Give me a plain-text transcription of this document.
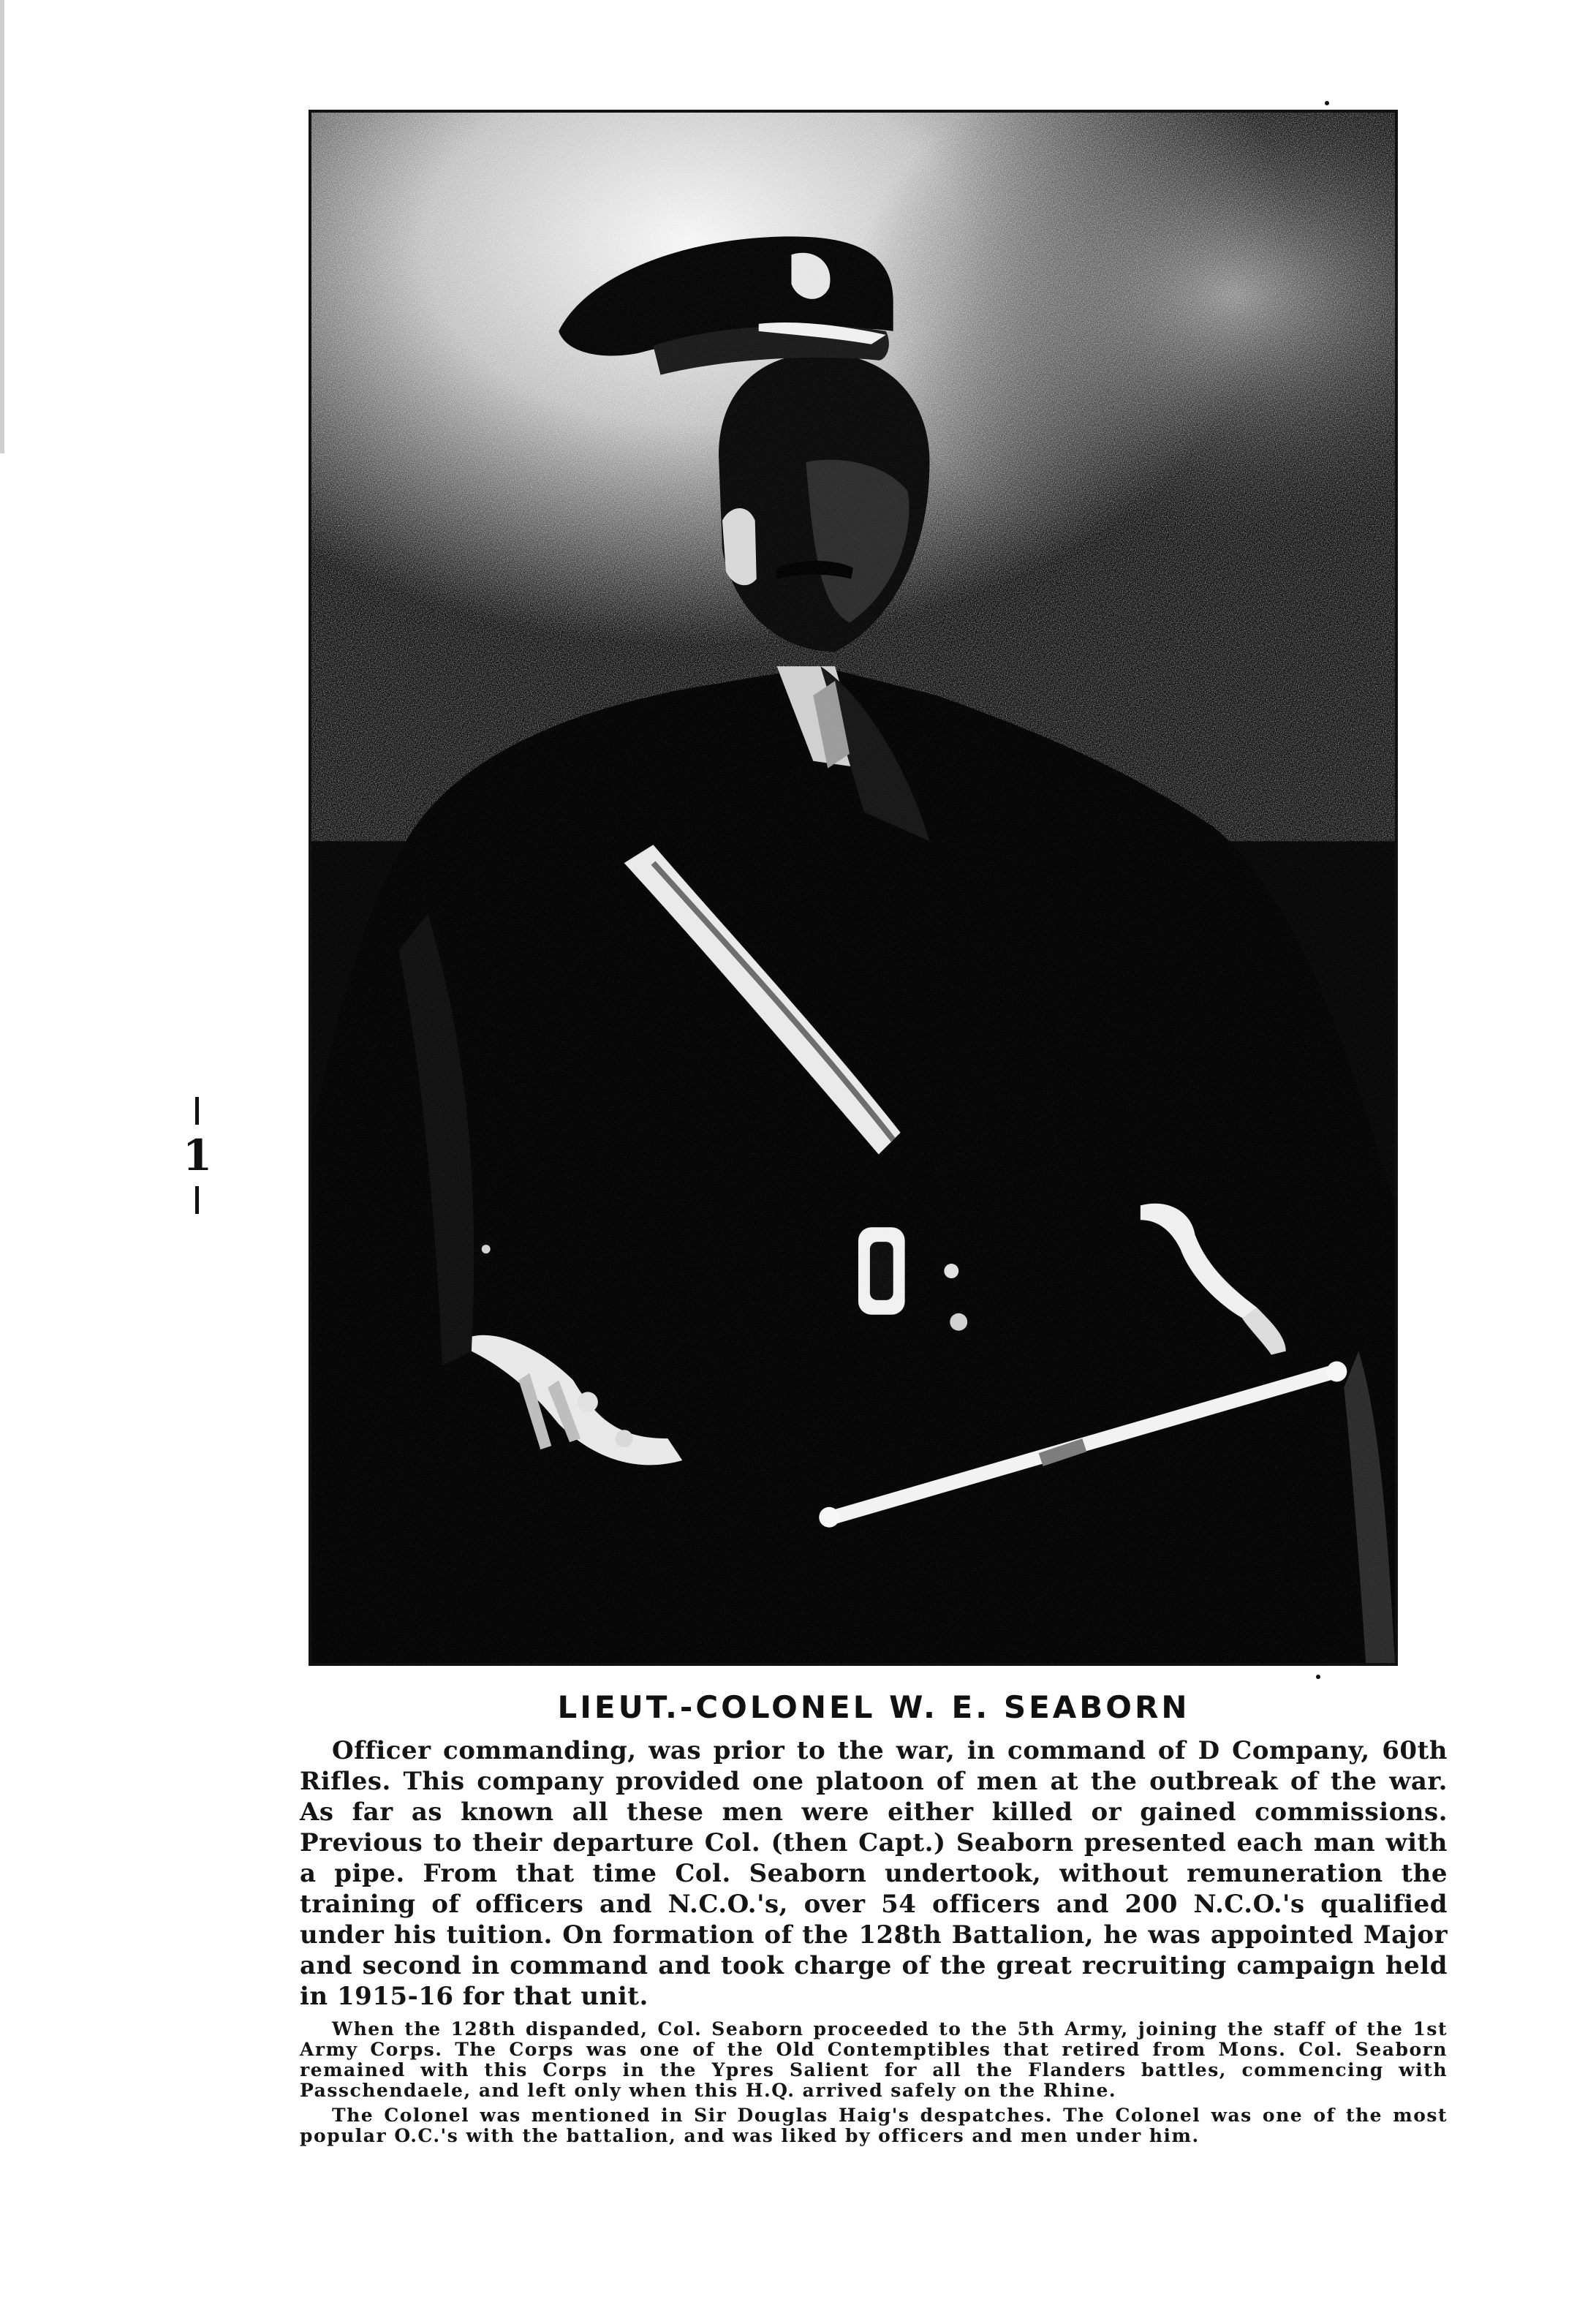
1
LIEUT.-COLONEL W. E. SEABORN

Officer commanding, was prior to the war, in command of D Company, 60th Rifles. This company provided one platoon of men at the outbreak of the war. As far as known all these men were either killed or gained commissions. Previous to their departure Col. (then Capt.) Seaborn presented each man with a pipe. From that time Col. Seaborn undertook, without remuneration the training of officers and N.C.O.'s, over 54 officers and 200 N.C.O.'s qualified under his tuition. On formation of the 128th Battalion, he was appointed Major and second in command and took charge of the great recruiting campaign held in 1915-16 for that unit.

When the 128th dispanded, Col. Seaborn proceeded to the 5th Army, joining the staff of the 1st Army Corps. The Corps was one of the Old Contemptibles that retired from Mons. Col. Seaborn remained with this Corps in the Ypres Salient for all the Flanders battles, commencing with Passchendaele, and left only when this H.Q. arrived safely on the Rhine.

The Colonel was mentioned in Sir Douglas Haig's despatches. The Colonel was one of the most popular O.C.'s with the battalion, and was liked by officers and men under him.
